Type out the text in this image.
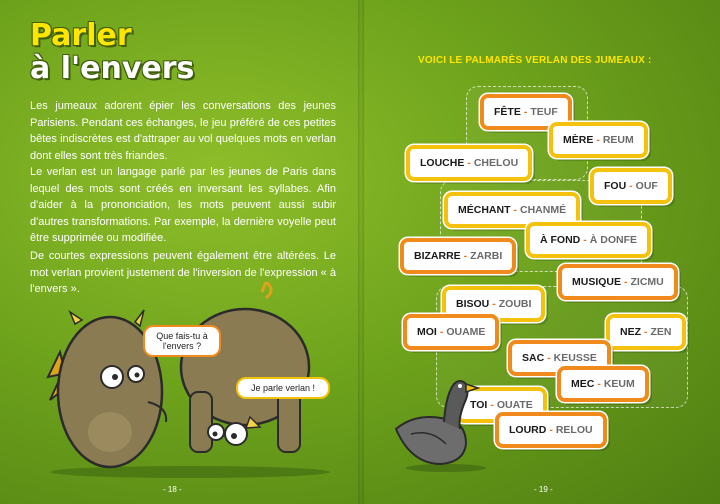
Parler
à l'envers

Les jumeaux adorent épier les conversations des jeunes Parisiens. Pendant ces échanges, le jeu préféré de ces petites bêtes indiscrètes est d'attraper au vol quelques mots en verlan dont elles sont très friandes.

Le verlan est un langage parlé par les jeunes de Paris dans lequel des mots sont créés en inversant les syllabes. Afin d'aider à la prononciation, les mots peuvent aussi subir d'autres transformations. Par exemple, la dernière voyelle peut être supprimée ou modifiée.

De courtes expressions peuvent également être altérées. Le mot verlan provient justement de l'inversion de l'expression « à l'envers ».

Que fais-tu à l'envers ?
Je parle verlan !
- 18 -
VOICI LE PALMARÈS VERLAN DES JUMEAUX :
FÊTE - TEUF
MÈRE - REUM
LOUCHE - CHELOU
FOU - OUF
MÉCHANT - CHANMÉ
À FOND - À DONFE
BIZARRE - ZARBI
MUSIQUE - ZICMU
BISOU - ZOUBI
MOI - OUAME	NEZ - ZEN
SAC - KEUSSE
MEC - KEUM
TOI - OUATE
LOURD - RELOU
- 19 -
